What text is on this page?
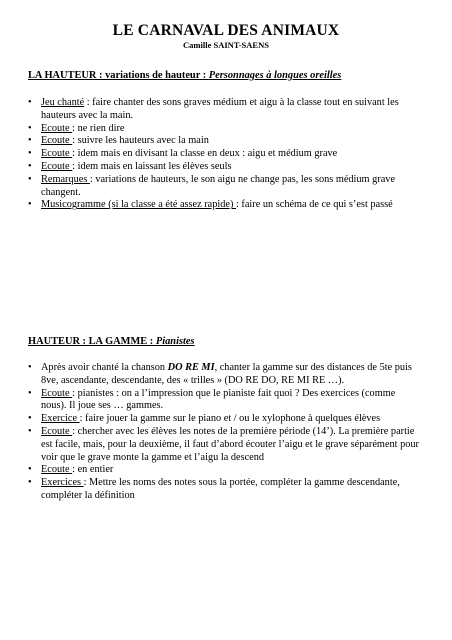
LE CARNAVAL DES ANIMAUX
Camille SAINT-SAENS
LA HAUTEUR : variations de hauteur : Personnages à longues oreilles
• Jeu chanté : faire chanter des sons graves médium et aigu à la classe tout en suivant les hauteurs avec la main.
• Ecoute : ne rien dire
• Ecoute : suivre les hauteurs avec la main
• Ecoute : idem mais en divisant la classe en deux : aigu et médium grave
• Ecoute : idem mais en laissant les élèves seuls
• Remarques : variations de hauteurs, le son aigu ne change pas, les sons médium grave changent.
• Musicogramme (si la classe a été assez rapide) : faire un schéma de ce qui s’est passé
HAUTEUR : LA GAMME : Pianistes
• Après avoir chanté la chanson DO RE MI, chanter la gamme sur des distances de 5te puis 8ve, ascendante, descendante, des « trilles » (DO RE DO, RE MI RE …).
• Ecoute : pianistes : on a l’impression que le pianiste fait quoi ? Des exercices (comme nous). Il joue ses … gammes.
• Exercice : faire jouer la gamme sur le piano et / ou le xylophone à quelques élèves
• Ecoute : chercher avec les élèves les notes de la première période (14’). La première partie est facile, mais, pour la deuxième, il faut d’abord écouter l’aigu et le grave séparément pour voir que le grave monte la gamme et l’aigu la descend
• Ecoute : en entier
• Exercices : Mettre les noms des notes sous la portée, compléter la gamme descendante, compléter la définition
